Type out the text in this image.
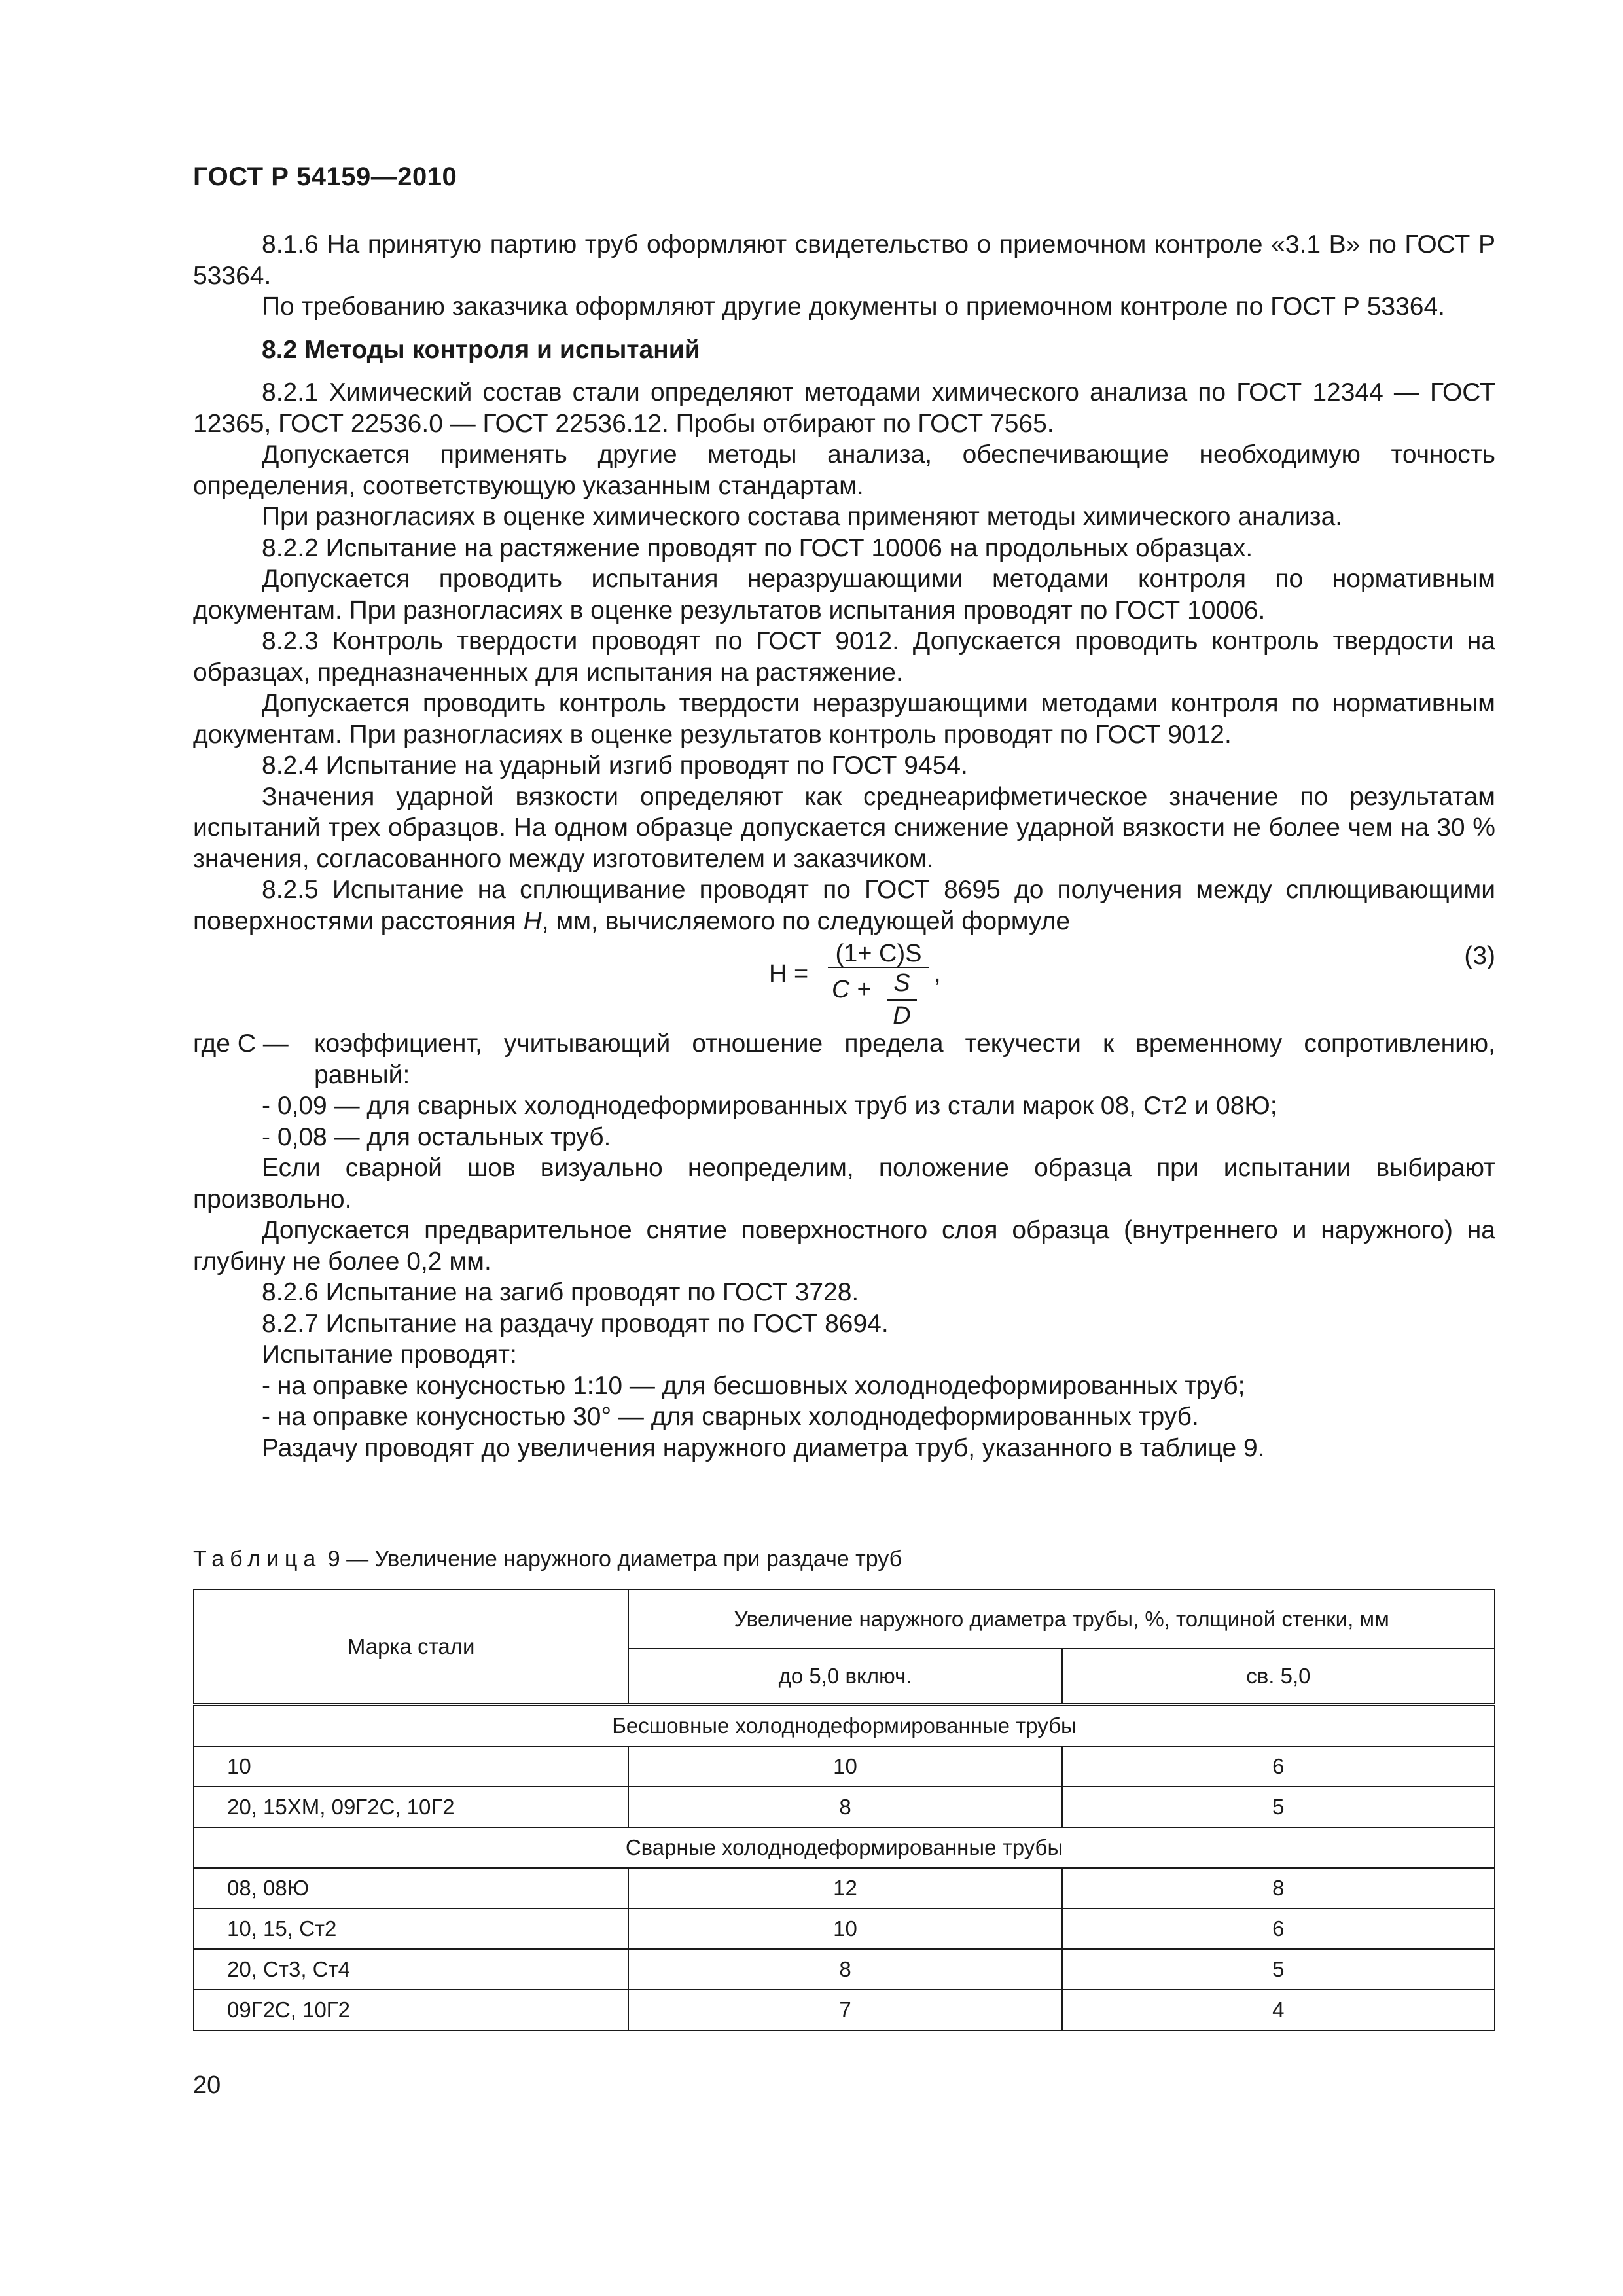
ГОСТ Р 54159—2010

8.1.6 На принятую партию труб оформляют свидетельство о приемочном контроле «3.1 В» по ГОСТ Р 53364.

По требованию заказчика оформляют другие документы о приемочном контроле по ГОСТ Р 53364.

8.2 Методы контроля и испытаний

8.2.1 Химический состав стали определяют методами химического анализа по ГОСТ 12344 — ГОСТ 12365, ГОСТ 22536.0 — ГОСТ 22536.12. Пробы отбирают по ГОСТ 7565.

Допускается применять другие методы анализа, обеспечивающие необходимую точность определения, соответствующую указанным стандартам.

При разногласиях в оценке химического состава применяют методы химического анализа.

8.2.2 Испытание на растяжение проводят по ГОСТ 10006 на продольных образцах.

Допускается проводить испытания неразрушающими методами контроля по нормативным документам. При разногласиях в оценке результатов испытания проводят по ГОСТ 10006.

8.2.3 Контроль твердости проводят по ГОСТ 9012. Допускается проводить контроль твердости на образцах, предназначенных для испытания на растяжение.

Допускается проводить контроль твердости неразрушающими методами контроля по нормативным документам. При разногласиях в оценке результатов контроль проводят по ГОСТ 9012.

8.2.4 Испытание на ударный изгиб проводят по ГОСТ 9454.

Значения ударной вязкости определяют как среднеарифметическое значение по результатам испытаний трех образцов. На одном образце допускается снижение ударной вязкости не более чем на 30 % значения, согласованного между изготовителем и заказчиком.

8.2.5 Испытание на сплющивание проводят по ГОСТ 8695 до получения между сплющивающими поверхностями расстояния H, мм, вычисляемого по следующей формуле

H =
(1+ C)S
C + S
D
,
(3)
где C —	коэффициент, учитывающий отношение предела текучести к временному сопротивлению, равный:

- 0,09 — для сварных холоднодеформированных труб из стали марок 08, Ст2 и 08Ю;

- 0,08 — для остальных труб.

Если сварной шов визуально неопределим, положение образца при испытании выбирают произвольно.

Допускается предварительное снятие поверхностного слоя образца (внутреннего и наружного) на глубину не более 0,2 мм.

8.2.6 Испытание на загиб проводят по ГОСТ 3728.

8.2.7 Испытание на раздачу проводят по ГОСТ 8694.

Испытание проводят:

- на оправке конусностью 1:10 — для бесшовных холоднодеформированных труб;

- на оправке конусностью 30° — для сварных холоднодеформированных труб.

Раздачу проводят до увеличения наружного диаметра труб, указанного в таблице 9.

Таблица 9 — Увеличение наружного диаметра при раздаче труб
Марка стали	Увеличение наружного диаметра трубы, %, толщиной стенки, мм	
	до 5,0 включ.	св. 5,0
Бесшовные холоднодеформированные трубы		
10	10	6
20, 15ХМ, 09Г2С, 10Г2	8	5
Сварные холоднодеформированные трубы		
08, 08Ю	12	8
10, 15, Ст2	10	6
20, Ст3, Ст4	8	5
09Г2С, 10Г2	7	4
20
